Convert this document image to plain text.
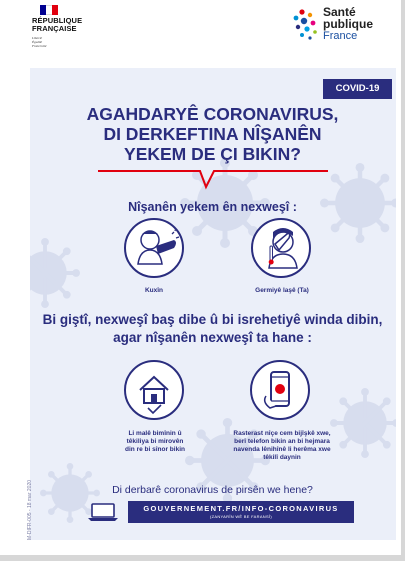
RÉPUBLIQUE
FRANÇAISE
Liberté
Égalité
Fraternité
Santé
publique
France
COVID-19
AGAHDARYÊ CORONAVIRUS,
DI DERKEFTINA NÎŞANÊN
YEKEM DE ÇI BIKIN?
Nîşanên yekem ên nexweşî :
Kuxîn	Germiyê laşê (Ta)
Bi giştî, nexweşî baş dibe û bi isrehetiyê winda dibin,
agar nîşanên nexweşî ta hane :
Li malê bimînin û
têkiliya bi mirovên
din re bi sînor bikin
Rasterast nîçe cem bijîşkê xwe,
berî telefon bikin an bi hejmara
navenda lênihînê li herêma xwe
têkilî daynin
Di derbarê coronavirus de pirsên we hene?
GOUVERNEMENT.FR/INFO-CORONAVIRUS
(ZANYARÎN WÊ BE FARANSÎ)
M-DIFR-005 - 18 mar 2020
